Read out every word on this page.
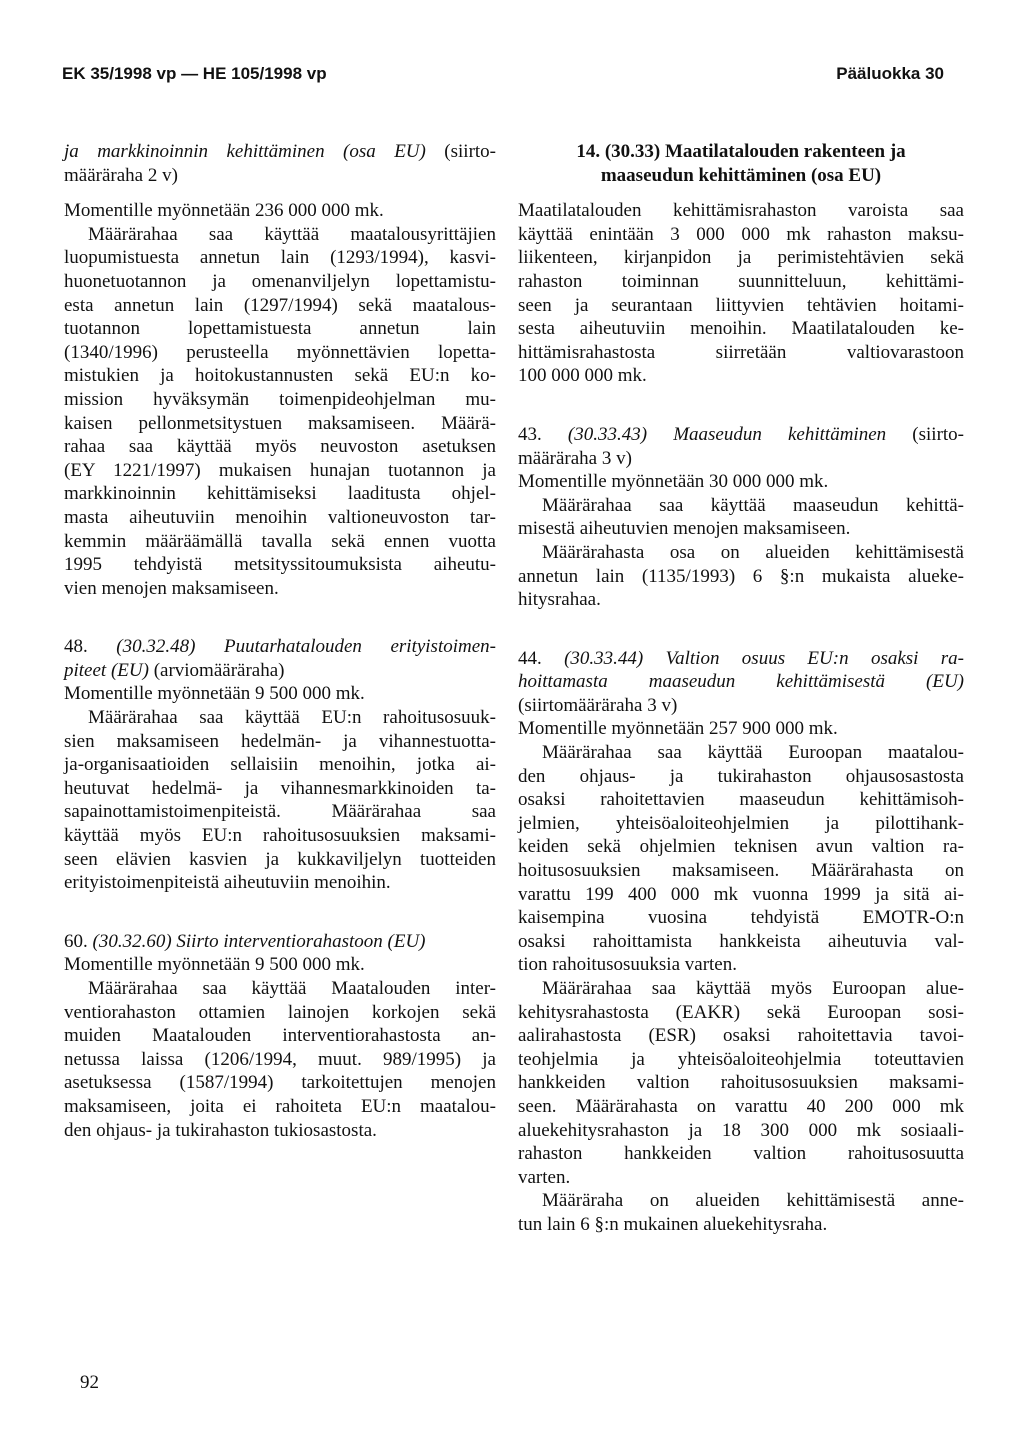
EK 35/1998 vp — HE 105/1998 vp	Pääluokka 30
ja markkinoinnin kehittäminen (osa EU) (siirto-
määräraha 2 v)
Momentille myönnetään 236 000 000 mk.
Määrärahaa saa käyttää maatalousyrittäjien
luopumistuesta annetun lain (1293/1994), kasvi-
huonetuotannon ja omenanviljelyn lopettamistu-
esta annetun lain (1297/1994) sekä maatalous-
tuotannon lopettamistuesta annetun lain
(1340/1996) perusteella myönnettävien lopetta-
mistukien ja hoitokustannusten sekä EU:n ko-
mission hyväksymän toimenpideohjelman mu-
kaisen pellonmetsitystuen maksamiseen. Määrä-
rahaa saa käyttää myös neuvoston asetuksen
(EY 1221/1997) mukaisen hunajan tuotannon ja
markkinoinnin kehittämiseksi laaditusta ohjel-
masta aiheutuviin menoihin valtioneuvoston tar-
kemmin määräämällä tavalla sekä ennen vuotta
1995 tehdyistä metsityssitoumuksista aiheutu-
vien menojen maksamiseen.
48. (30.32.48) Puutarhatalouden erityistoimen-
piteet (EU) (arviomääräraha)
Momentille myönnetään 9 500 000 mk.
Määrärahaa saa käyttää EU:n rahoitusosuuk-
sien maksamiseen hedelmän- ja vihannestuotta-
ja-organisaatioiden sellaisiin menoihin, jotka ai-
heutuvat hedelmä- ja vihannesmarkkinoiden ta-
sapainottamistoimenpiteistä. Määrärahaa saa
käyttää myös EU:n rahoitusosuuksien maksami-
seen elävien kasvien ja kukkaviljelyn tuotteiden
erityistoimenpiteistä aiheutuviin menoihin.
60. (30.32.60) Siirto interventiorahastoon (EU)
Momentille myönnetään 9 500 000 mk.
Määrärahaa saa käyttää Maatalouden inter-
ventiorahaston ottamien lainojen korkojen sekä
muiden Maatalouden interventiorahastosta an-
netussa laissa (1206/1994, muut. 989/1995) ja
asetuksessa (1587/1994) tarkoitettujen menojen
maksamiseen, joita ei rahoiteta EU:n maatalou-
den ohjaus- ja tukirahaston tukiosastosta.
14. (30.33) Maatilatalouden rakenteen ja
maaseudun kehittäminen (osa EU)
Maatilatalouden kehittämisrahaston varoista saa
käyttää enintään 3 000 000 mk rahaston maksu-
liikenteen, kirjanpidon ja perimistehtävien sekä
rahaston toiminnan suunnitteluun, kehittämi-
seen ja seurantaan liittyvien tehtävien hoitami-
sesta aiheutuviin menoihin. Maatilatalouden ke-
hittämisrahastosta siirretään valtiovarastoon
100 000 000 mk.
43. (30.33.43) Maaseudun kehittäminen (siirto-
määräraha 3 v)
Momentille myönnetään 30 000 000 mk.
Määrärahaa saa käyttää maaseudun kehittä-
misestä aiheutuvien menojen maksamiseen.
Määrärahasta osa on alueiden kehittämisestä
annetun lain (1135/1993) 6 §:n mukaista alueke-
hitysrahaa.
44. (30.33.44) Valtion osuus EU:n osaksi ra-
hoittamasta maaseudun kehittämisestä (EU)
(siirtomääräraha 3 v)
Momentille myönnetään 257 900 000 mk.
Määrärahaa saa käyttää Euroopan maatalou-
den ohjaus- ja tukirahaston ohjausosastosta
osaksi rahoitettavien maaseudun kehittämisoh-
jelmien, yhteisöaloiteohjelmien ja pilottihank-
keiden sekä ohjelmien teknisen avun valtion ra-
hoitusosuuksien maksamiseen. Määrärahasta on
varattu 199 400 000 mk vuonna 1999 ja sitä ai-
kaisempina vuosina tehdyistä EMOTR-O:n
osaksi rahoittamista hankkeista aiheutuvia val-
tion rahoitusosuuksia varten.
Määrärahaa saa käyttää myös Euroopan alue-
kehitysrahastosta (EAKR) sekä Euroopan sosi-
aalirahastosta (ESR) osaksi rahoitettavia tavoi-
teohjelmia ja yhteisöaloiteohjelmia toteuttavien
hankkeiden valtion rahoitusosuuksien maksami-
seen. Määrärahasta on varattu 40 200 000 mk
aluekehitysrahaston ja 18 300 000 mk sosiaali-
rahaston hankkeiden valtion rahoitusosuutta
varten.
Määräraha on alueiden kehittämisestä anne-
tun lain 6 §:n mukainen aluekehitysraha.
92
